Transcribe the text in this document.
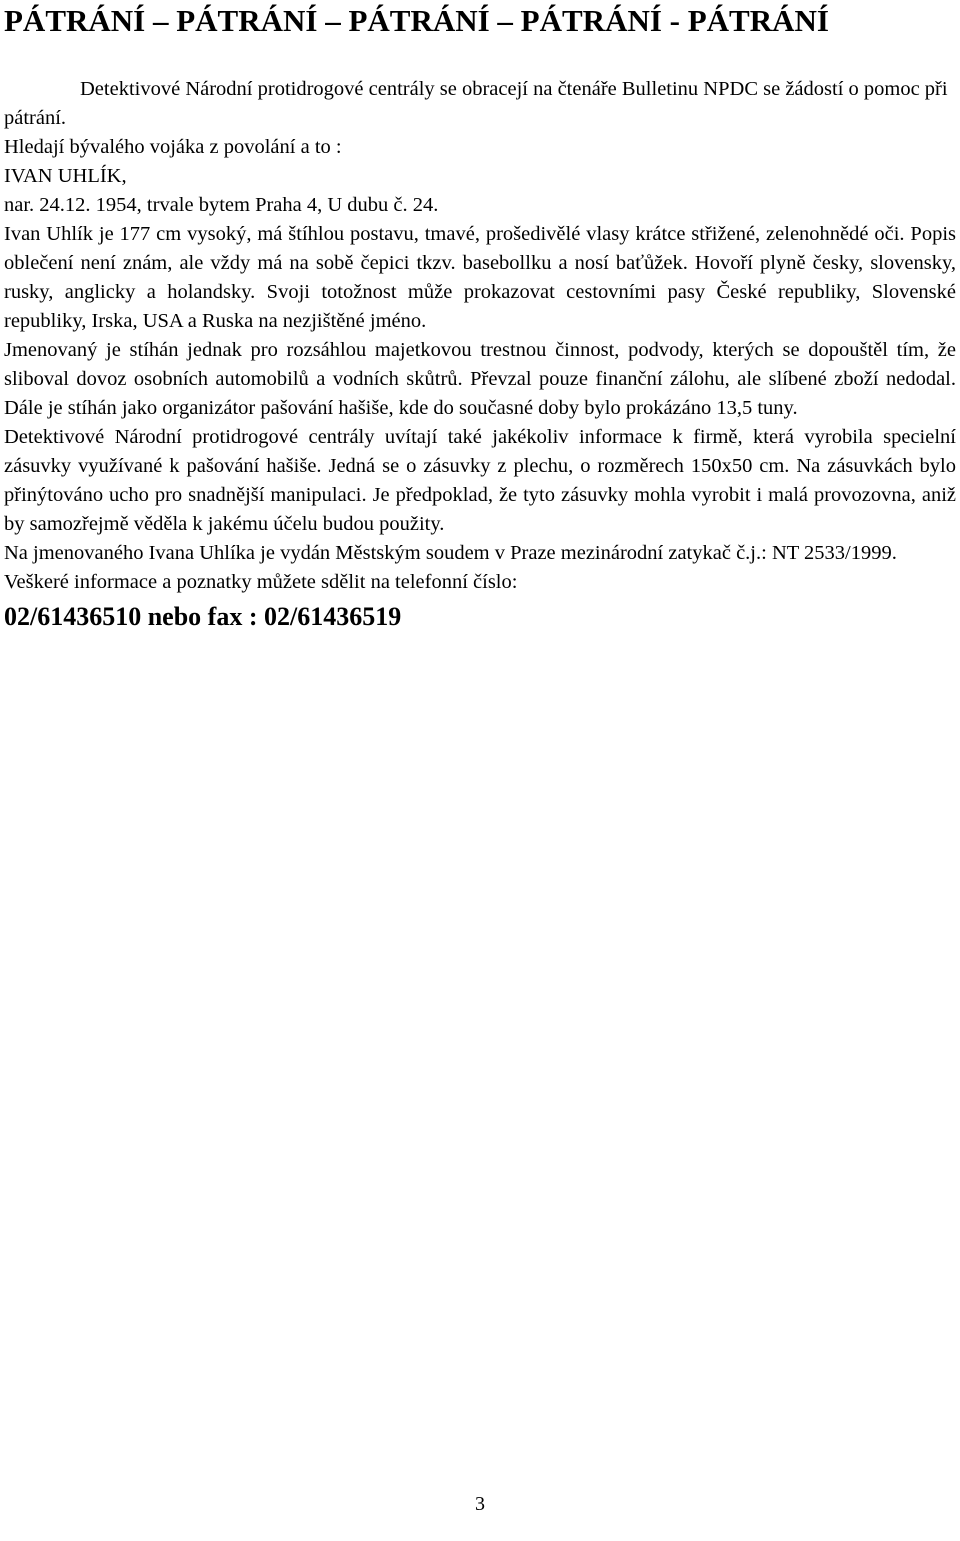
PÁTRÁNÍ – PÁTRÁNÍ – PÁTRÁNÍ – PÁTRÁNÍ - PÁTRÁNÍ

Detektivové Národní protidrogové centrály se obracejí na čtenáře Bulletinu NPDC se žádostí o pomoc při pátrání.

Hledají bývalého vojáka z povolání a to :

IVAN UHLÍK,

nar. 24.12. 1954, trvale bytem Praha 4, U dubu č. 24.

Ivan Uhlík je 177 cm vysoký, má štíhlou postavu, tmavé, prošedivělé vlasy krátce střižené, zelenohnědé oči. Popis oblečení není znám, ale vždy má na sobě čepici tkzv. basebollku a nosí baťůžek. Hovoří plyně česky, slovensky, rusky, anglicky a holandsky. Svoji totožnost může prokazovat cestovními pasy České republiky, Slovenské republiky, Irska, USA a Ruska na nezjištěné jméno.

Jmenovaný je stíhán jednak pro rozsáhlou majetkovou trestnou činnost, podvody, kterých se dopouštěl tím, že sliboval dovoz osobních automobilů a vodních skůtrů. Převzal pouze finanční zálohu, ale slíbené zboží nedodal. Dále je stíhán jako organizátor pašování hašiše, kde do současné doby bylo prokázáno 13,5 tuny.

Detektivové Národní protidrogové centrály uvítají také jakékoliv informace k firmě, která vyrobila specielní zásuvky využívané k pašování hašiše. Jedná se o zásuvky z plechu, o rozměrech 150x50 cm. Na zásuvkách bylo přinýtováno ucho pro snadnější manipulaci. Je předpoklad, že tyto zásuvky mohla vyrobit i malá provozovna, aniž by samozřejmě věděla k jakému účelu budou použity.

Na jmenovaného Ivana Uhlíka je vydán Městským soudem v Praze mezinárodní zatykač č.j.: NT 2533/1999.

Veškeré informace a poznatky můžete sdělit na telefonní číslo:

02/61436510 nebo fax : 02/61436519

3
